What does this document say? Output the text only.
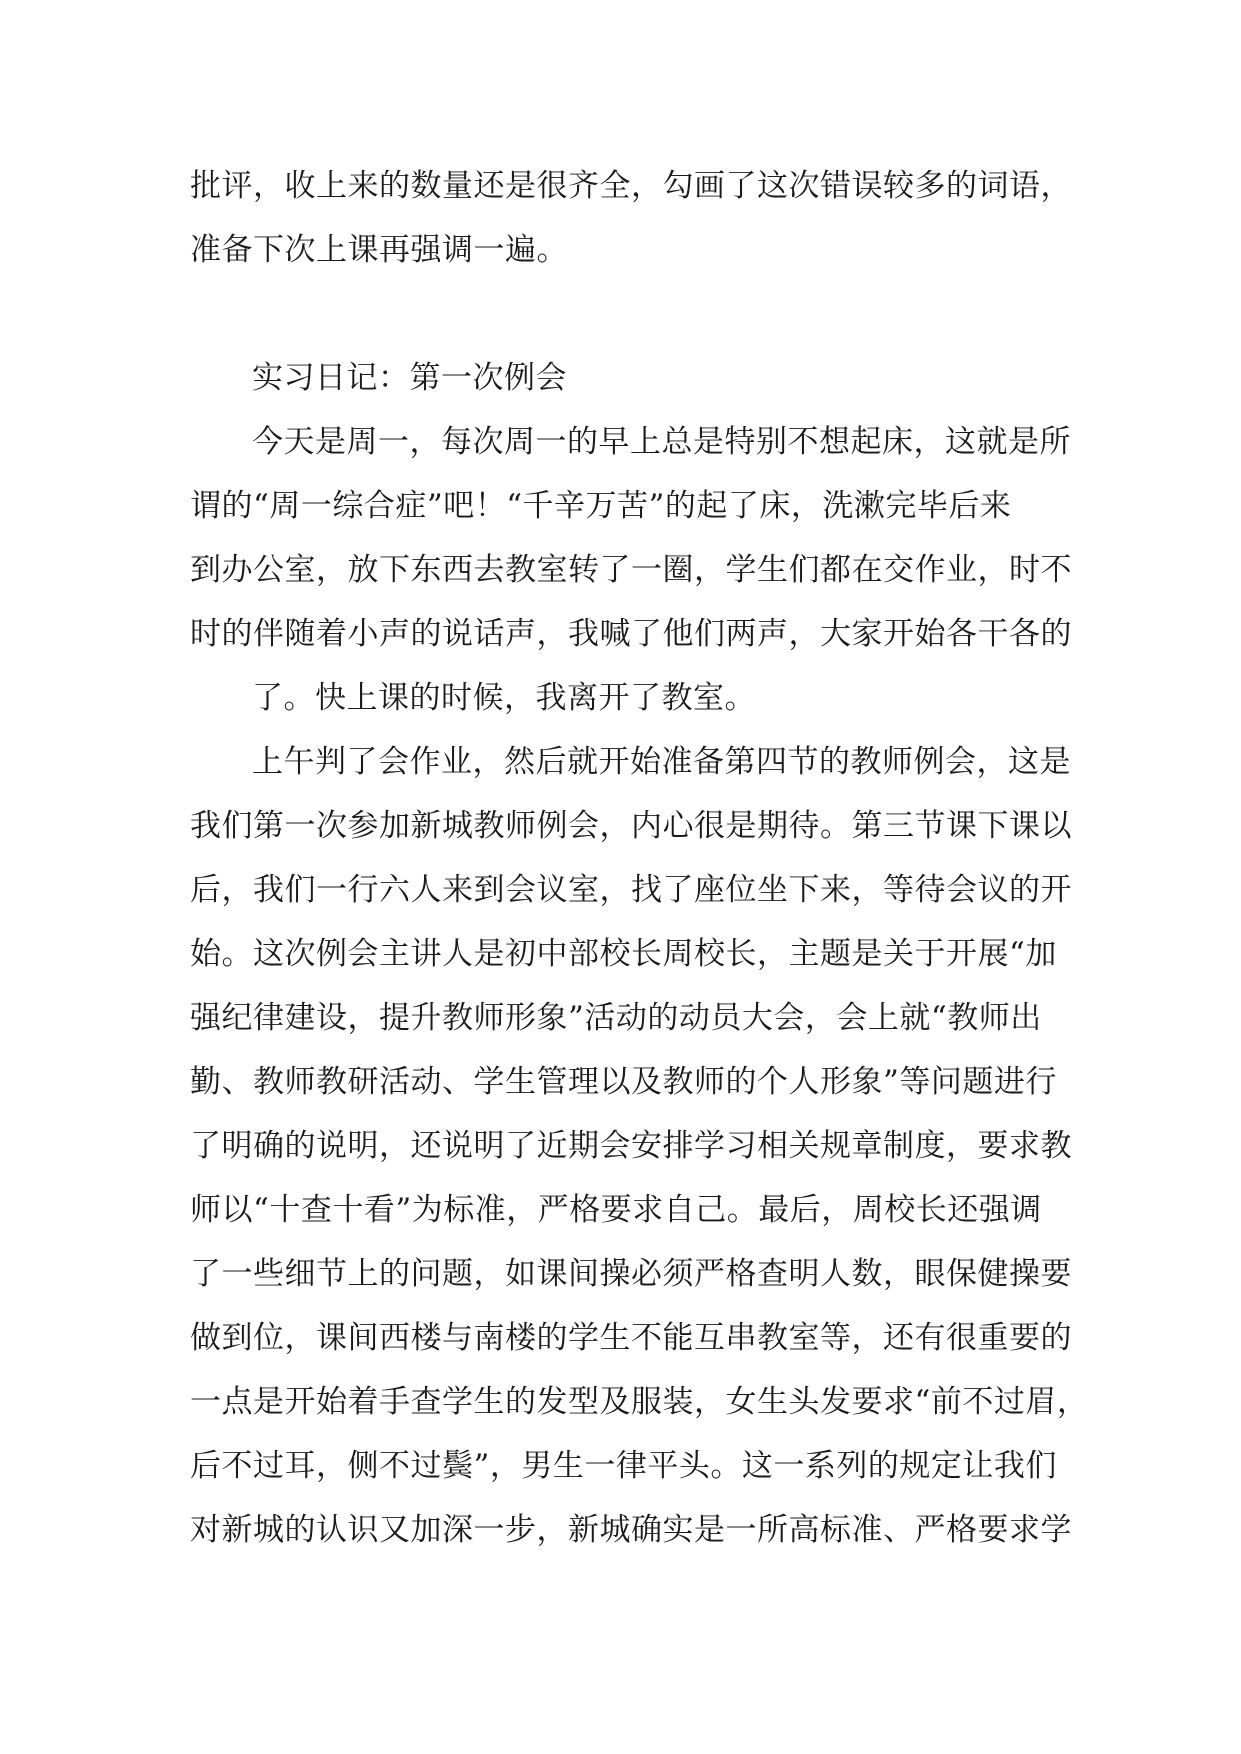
批评，收上来的数量还是很齐全，勾画了这次错误较多的词语，
准备下次上课再强调一遍。
实习日记：第一次例会
今天是周一，每次周一的早上总是特别不想起床，这就是所
谓的“周一综合症”吧！“千辛万苦”的起了床，洗漱完毕后来
到办公室，放下东西去教室转了一圈，学生们都在交作业，时不
时的伴随着小声的说话声，我喊了他们两声，大家开始各干各的
了。快上课的时候，我离开了教室。
上午判了会作业，然后就开始准备第四节的教师例会，这是
我们第一次参加新城教师例会，内心很是期待。第三节课下课以
后，我们一行六人来到会议室，找了座位坐下来，等待会议的开
始。这次例会主讲人是初中部校长周校长，主题是关于开展“加
强纪律建设，提升教师形象”活动的动员大会，会上就“教师出
勤、教师教研活动、学生管理以及教师的个人形象”等问题进行
了明确的说明，还说明了近期会安排学习相关规章制度，要求教
师以“十查十看”为标准，严格要求自己。最后，周校长还强调
了一些细节上的问题，如课间操必须严格查明人数，眼保健操要
做到位，课间西楼与南楼的学生不能互串教室等，还有很重要的
一点是开始着手查学生的发型及服装，女生头发要求“前不过眉，
后不过耳，侧不过鬓”，男生一律平头。这一系列的规定让我们
对新城的认识又加深一步，新城确实是一所高标准、严格要求学
